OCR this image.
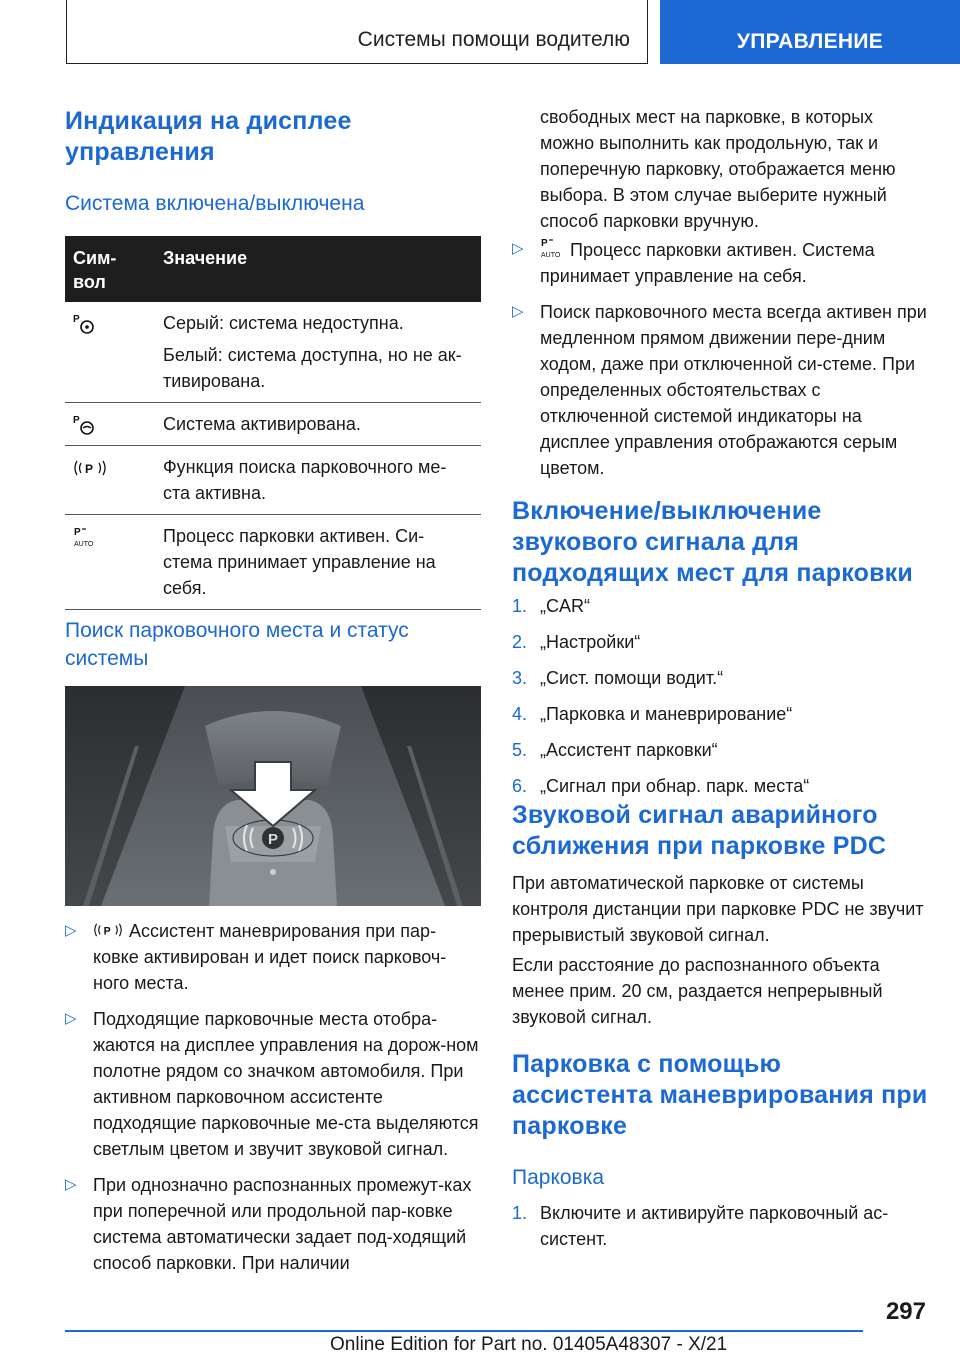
Системы помощи водителю	УПРАВЛЕНИЕ
Индикация на дисплее управления
Система включена/выключена
Сим-вол	Значение

P	Серый: система недоступна.

Белый: система доступна, но не ак-тивирована.

P	Система активирована.

P	Функция поиска парковочного ме-ста активна.

P
AUTO	Процесс парковки активен. Си-стема принимает управление на себя.

Поиск парковочного места и статус системы
P
▷ P Ассистент маневрирования при пар-ковке активирован и идет поиск парковоч-ного места.
▷ Подходящие парковочные места отобра-жаются на дисплее управления на дорож-ном полотне рядом со значком автомобиля. При активном парковочном ассистенте подходящие парковочные ме-ста выделяются светлым цветом и звучит звуковой сигнал.
▷ При однозначно распознанных промежут-ках при поперечной или продольной пар-ковке система автоматически задает под-ходящий способ парковки. При наличии

свободных мест на парковке, в которых можно выполнить как продольную, так и поперечную парковку, отображается меню выбора. В этом случае выберите нужный способ парковки вручную.

▷ P
AUTO Процесс парковки активен. Система принимает управление на себя.
▷ Поиск парковочного места всегда активен при медленном прямом движении пере-дним ходом, даже при отключенной си-стеме. При определенных обстоятельствах с отключенной системой индикаторы на дисплее управления отображаются серым цветом.
Включение/выключение звукового сигнала для подходящих мест для парковки
1. „CAR“
2. „Настройки“
3. „Сист. помощи водит.“
4. „Парковка и маневрирование“
5. „Ассистент парковки“
6. „Сигнал при обнар. парк. места“
Звуковой сигнал аварийного сближения при парковке PDC

При автоматической парковке от системы контроля дистанции при парковке PDC не звучит прерывистый звуковой сигнал.

Если расстояние до распознанного объекта менее прим. 20 см, раздается непрерывный звуковой сигнал.

Парковка с помощью ассистента маневрирования при парковке
Парковка
1. Включите и активируйте парковочный ас-систент.
297
Online Edition for Part no. 01405A48307 - X/21
